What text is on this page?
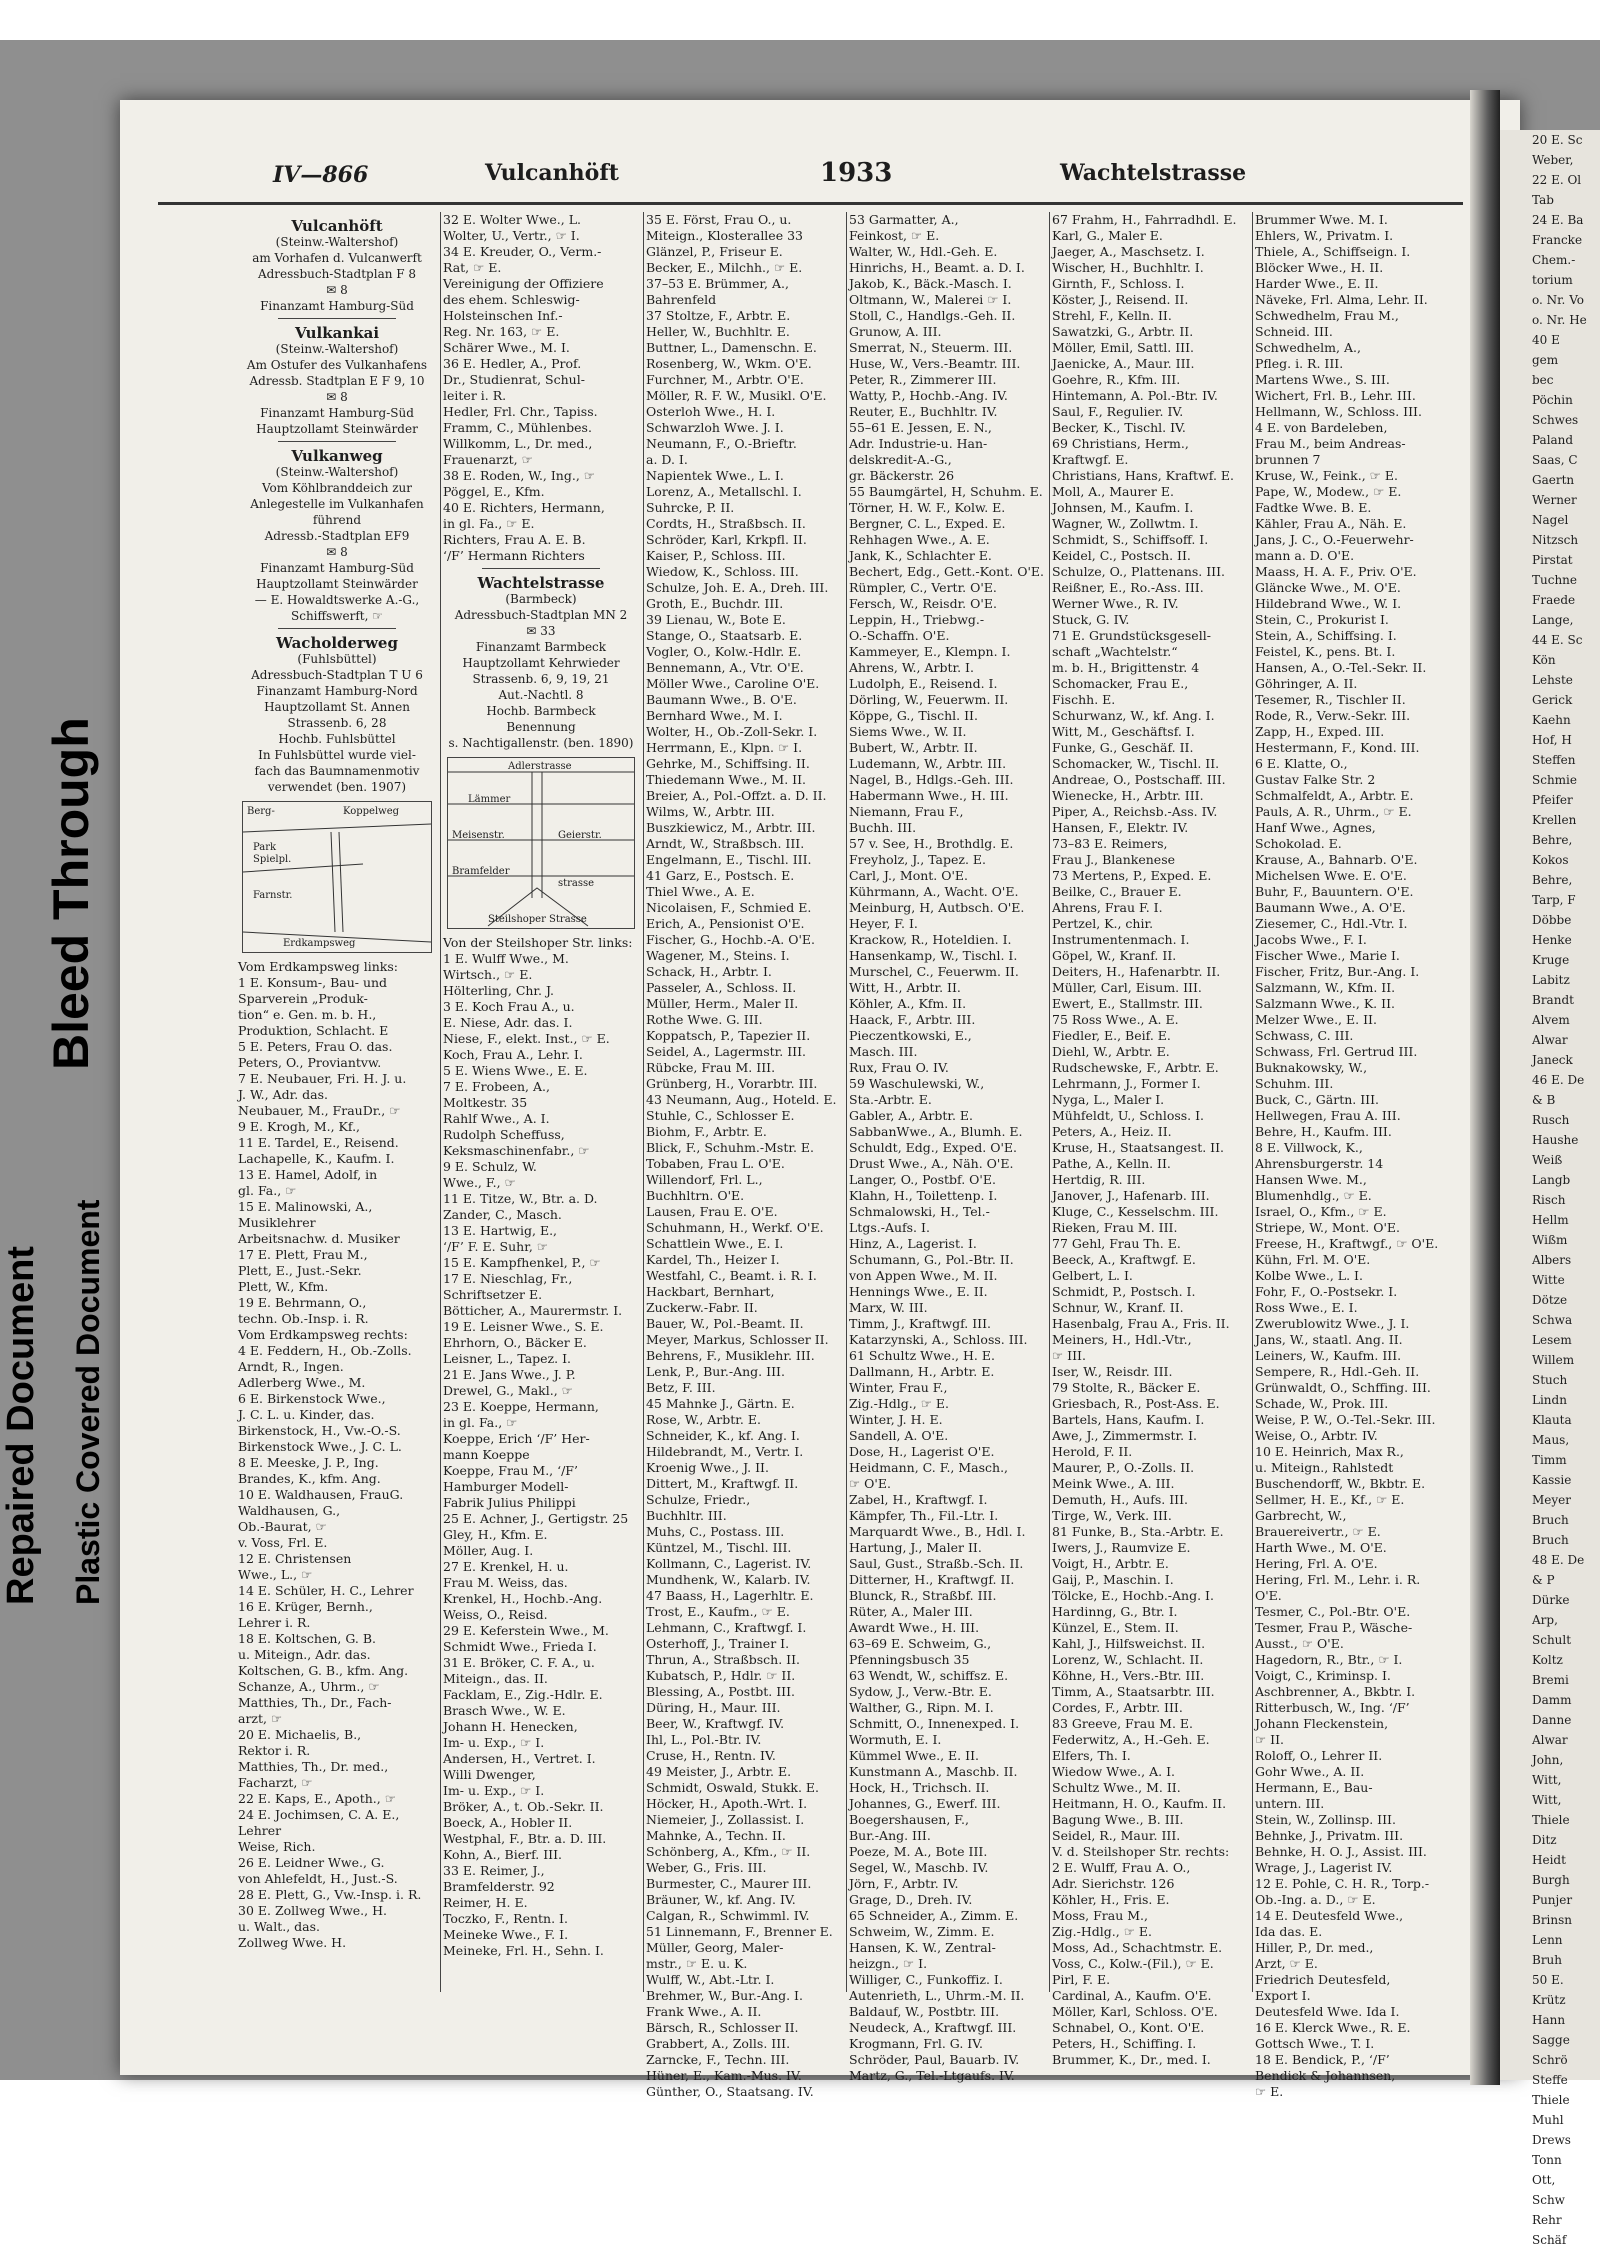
20 E. Sc
Weber,
22 E. Ol
Tab
24 E. Ba
Francke
Chem.-
torium
o. Nr. Vo
o. Nr. He
40 E
gem
bec
Pöchin
Schwes
Paland
Saas, C
Gaertn
Werner
Nagel
Nitzsch
Pirstat
Tuchne
Fraede
Lange,
44 E. Sc
Kön
Lehste
Gerick
Kaehn
Hof, H
Steffen
Schmie
Pfeifer
Krellen
Behre,
Kokos
Behre,
Tarp, F
Döbbe
Henke
Kruge
Labitz
Brandt
Alvem
Alwar
Janeck
46 E. De
& B
Rusch
Haushe
Weiß
Langb
Risch
Hellm
Wißm
Albers
Witte
Dötze
Schwa
Lesem
Willem
Stuch
Lindn
Klauta
Maus,
Timm
Kassie
Meyer
Bruch
Bruch
48 E. De
& P
Dürke
Arp,
Schult
Koltz
Bremi
Damm
Danne
Alwar
John,
Witt,
Witt,
Thiele
Ditz
Heidt
Burgh
Punjer
Brinsn
Lenn
Bruh
50 E.
Krütz
Hann
Sagge
Schrö
Steffe
Thiele
Muhl
Drews
Tonn
Ott,
Schw
Rehr
Schäf
Bleed Through
Repaired Document Plastic Covered Document
IV—866	Vulcanhöft	1933	Wachtelstrasse
Vulcanhöft
(Steinw.-Waltershof)
am Vorhafen d. Vulcanwerft
Adressbuch-Stadtplan F 8
✉ 8
Finanzamt Hamburg-Süd
Vulkankai
(Steinw.-Waltershof)
Am Ostufer des Vulkanhafens
Adressb. Stadtplan E F 9, 10
✉ 8
Finanzamt Hamburg-Süd
Hauptzollamt Steinwärder
Vulkanweg
(Steinw.-Waltershof)
Vom Köhlbranddeich zur
Anlegestelle im Vulkanhafen
führend
Adressb.-Stadtplan EF9
✉ 8
Finanzamt Hamburg-Süd
Hauptzollamt Steinwärder
— E. Howaldtswerke A.-G.,
Schiffswerft, ☞
Wacholderweg
(Fuhlsbüttel)
Adressbuch-Stadtplan T U 6
Finanzamt Hamburg-Nord
Hauptzollamt St. Annen
Strassenb. 6, 28
Hochb. Fuhlsbüttel
In Fuhlsbüttel wurde viel-
fach das Baumnamenmotiv
verwendet (ben. 1907)
Berg-	Koppelweg
Park
Spielpl.
Farnstr.
Erdkampsweg
Vom Erdkampsweg links:
1 E. Konsum-, Bau- und
Sparverein „Produk-
tion“ e. Gen. m. b. H.,
Produktion, Schlacht. E
5 E. Peters, Frau O. das.
Peters, O., Proviantvw.
7 E. Neubauer, Fri. H. J. u.
J. W., Adr. das.
Neubauer, M., FrauDr., ☞
9 E. Krogh, M., Kf.,
11 E. Tardel, E., Reisend.
Lachapelle, K., Kaufm. I.
13 E. Hamel, Adolf, in
gl. Fa., ☞
15 E. Malinowski, A.,
Musiklehrer
Arbeitsnachw. d. Musiker
17 E. Plett, Frau M.,
Plett, E., Just.-Sekr.
Plett, W., Kfm.
19 E. Behrmann, O.,
techn. Ob.-Insp. i. R.
Vom Erdkampsweg rechts:
4 E. Feddern, H., Ob.-Zolls.
Arndt, R., Ingen.
Adlerberg Wwe., M.
6 E. Birkenstock Wwe.,
J. C. L. u. Kinder, das.
Birkenstock, H., Vw.-O.-S.
Birkenstock Wwe., J. C. L.
8 E. Meeske, J. P., Ing.
Brandes, K., kfm. Ang.
10 E. Waldhausen, FrauG.
Waldhausen, G.,
Ob.-Baurat, ☞
v. Voss, Frl. E.
12 E. Christensen
Wwe., L., ☞
14 E. Schüler, H. C., Lehrer
16 E. Krüger, Bernh.,
Lehrer i. R.
18 E. Koltschen, G. B.
u. Miteign., Adr. das.
Koltschen, G. B., kfm. Ang.
Schanze, A., Uhrm., ☞
Matthies, Th., Dr., Fach-
arzt, ☞
20 E. Michaelis, B.,
Rektor i. R.
Matthies, Th., Dr. med.,
Facharzt, ☞
22 E. Kaps, E., Apoth., ☞
24 E. Jochimsen, C. A. E.,
Lehrer
Weise, Rich.
26 E. Leidner Wwe., G.
von Ahlefeldt, H., Just.-S.
28 E. Plett, G., Vw.-Insp. i. R.
30 E. Zollweg Wwe., H.
u. Walt., das.
Zollweg Wwe. H.
32 E. Wolter Wwe., L.
Wolter, U., Vertr., ☞ I.
34 E. Kreuder, O., Verm.-
Rat, ☞ E.
Vereinigung der Offiziere
des ehem. Schleswig-
Holsteinschen Inf.-
Reg. Nr. 163, ☞ E.
Schärer Wwe., M. I.
36 E. Hedler, A., Prof.
Dr., Studienrat, Schul-
leiter i. R.
Hedler, Frl. Chr., Tapiss.
Framm, C., Mühlenbes.
Willkomm, L., Dr. med.,
Frauenarzt, ☞
38 E. Roden, W., Ing., ☞
Pöggel, E., Kfm.
40 E. Richters, Hermann,
in gl. Fa., ☞ E.
Richters, Frau A. E. B.
‘/F’ Hermann Richters
Wachtelstrasse
(Barmbeck)
Adressbuch-Stadtplan MN 2
✉ 33
Finanzamt Barmbeck
Hauptzollamt Kehrwieder
Strassenb. 6, 9, 19, 21
Aut.-Nachtl. 8
Hochb. Barmbeck
Benennung
s. Nachtigallenstr. (ben. 1890)
Adlerstrasse
Lämmer
Meisenstr.
Bramfelder
strasse
Geierstr.
Steilshoper Strasse
Von der Steilshoper Str. links:
1 E. Wulff Wwe., M.
Wirtsch., ☞ E.
Hölterling, Chr. J.
3 E. Koch Frau A., u.
E. Niese, Adr. das. I.
Niese, F., elekt. Inst., ☞ E.
Koch, Frau A., Lehr. I.
5 E. Wiens Wwe., E. E.
7 E. Frobeen, A.,
Moltkestr. 35
Rahlf Wwe., A. I.
Rudolph Scheffuss,
Keksmaschinenfabr., ☞
9 E. Schulz, W.
Wwe., F., ☞
11 E. Titze, W., Btr. a. D.
Zander, C., Masch.
13 E. Hartwig, E.,
‘/F’ F. E. Suhr, ☞
15 E. Kampfhenkel, P., ☞
17 E. Nieschlag, Fr.,
Schriftsetzer E.
Bötticher, A., Maurermstr. I.
19 E. Leisner Wwe., S. E.
Ehrhorn, O., Bäcker E.
Leisner, L., Tapez. I.
21 E. Jans Wwe., J. P.
Drewel, G., Makl., ☞
23 E. Koeppe, Hermann,
in gl. Fa., ☞
Koeppe, Erich ‘/F’ Her-
mann Koeppe
Koeppe, Frau M., ‘/F’
Hamburger Modell-
Fabrik Julius Philippi
25 E. Achner, J., Gertigstr. 25
Gley, H., Kfm. E.
Möller, Aug. I.
27 E. Krenkel, H. u.
Frau M. Weiss, das.
Krenkel, H., Hochb.-Ang.
Weiss, O., Reisd.
29 E. Keferstein Wwe., M.
Schmidt Wwe., Frieda I.
31 E. Bröker, C. F. A., u.
Miteign., das. II.
Facklam, E., Zig.-Hdlr. E.
Brasch Wwe., W. E.
Johann H. Henecken,
Im- u. Exp., ☞ I.
Andersen, H., Vertret. I.
Willi Dwenger,
Im- u. Exp., ☞ I.
Bröker, A., t. Ob.-Sekr. II.
Boeck, A., Hobler II.
Westphal, F., Btr. a. D. III.
Kohn, A., Bierf. III.
33 E. Reimer, J.,
Bramfelderstr. 92
Reimer, H. E.
Toczko, F., Rentn. I.
Meineke Wwe., F. I.
Meineke, Frl. H., Sehn. I.
35 E. Först, Frau O., u.
Miteign., Klosterallee 33
Glänzel, P., Friseur E.
Becker, E., Milchh., ☞ E.
37–53 E. Brümmer, A.,
Bahrenfeld
37 Stoltze, F., Arbtr. E.
Heller, W., Buchhltr. E.
Buttner, L., Damenschn. E.
Rosenberg, W., Wkm. O'E.
Furchner, M., Arbtr. O'E.
Möller, R. F. W., Musikl. O'E.
Osterloh Wwe., H. I.
Schwarzloh Wwe. J. I.
Neumann, F., O.-Brieftr.
a. D. I.
Napientek Wwe., L. I.
Lorenz, A., Metallschl. I.
Suhrcke, P. II.
Cordts, H., Straßbsch. II.
Schröder, Karl, Krkpfl. II.
Kaiser, P., Schloss. III.
Wiedow, K., Schloss. III.
Schulze, Joh. E. A., Dreh. III.
Groth, E., Buchdr. III.
39 Lienau, W., Bote E.
Stange, O., Staatsarb. E.
Vogler, O., Kolw.-Hdlr. E.
Bennemann, A., Vtr. O'E.
Möller Wwe., Caroline O'E.
Baumann Wwe., B. O'E.
Bernhard Wwe., M. I.
Wolter, H., Ob.-Zoll-Sekr. I.
Herrmann, E., Klpn. ☞ I.
Gehrke, M., Schiffsing. II.
Thiedemann Wwe., M. II.
Breier, A., Pol.-Offzt. a. D. II.
Wilms, W., Arbtr. III.
Buszkiewicz, M., Arbtr. III.
Arndt, W., Straßbsch. III.
Engelmann, E., Tischl. III.
41 Garz, E., Postsch. E.
Thiel Wwe., A. E.
Nicolaisen, F., Schmied E.
Erich, A., Pensionist O'E.
Fischer, G., Hochb.-A. O'E.
Wagener, M., Steins. I.
Schack, H., Arbtr. I.
Passeler, A., Schloss. II.
Müller, Herm., Maler II.
Rothe Wwe. G. III.
Koppatsch, P., Tapezier II.
Seidel, A., Lagermstr. III.
Rübcke, Frau M. III.
Grünberg, H., Vorarbtr. III.
43 Neumann, Aug., Hoteld. E.
Stuhle, C., Schlosser E.
Biohm, F., Arbtr. E.
Blick, F., Schuhm.-Mstr. E.
Tobaben, Frau L. O'E.
Willendorf, Frl. L.,
Buchhltrn. O'E.
Lausen, Frau E. O'E.
Schuhmann, H., Werkf. O'E.
Schattlein Wwe., E. I.
Kardel, Th., Heizer I.
Westfahl, C., Beamt. i. R. I.
Hackbart, Bernhart,
Zuckerw.-Fabr. II.
Bauer, W., Pol.-Beamt. II.
Meyer, Markus, Schlosser II.
Behrens, F., Musiklehr. III.
Lenk, P., Bur.-Ang. III.
Betz, F. III.
45 Mahnke J., Gärtn. E.
Rose, W., Arbtr. E.
Schneider, K., kf. Ang. I.
Hildebrandt, M., Vertr. I.
Kroenig Wwe., J. II.
Dittert, M., Kraftwgf. II.
Schulze, Friedr.,
Buchhltr. III.
Muhs, C., Postass. III.
Küntzel, M., Tischl. III.
Kollmann, C., Lagerist. IV.
Mundhenk, W., Kalarb. IV.
47 Baass, H., Lagerhltr. E.
Trost, E., Kaufm., ☞ E.
Lehmann, C., Kraftwgf. I.
Osterhoff, J., Trainer I.
Thrun, A., Straßbsch. II.
Kubatsch, P., Hdlr. ☞ II.
Blessing, A., Postbt. III.
Düring, H., Maur. III.
Beer, W., Kraftwgf. IV.
Ihl, L., Pol.-Btr. IV.
Cruse, H., Rentn. IV.
49 Meister, J., Arbtr. E.
Schmidt, Oswald, Stukk. E.
Höcker, H., Apoth.-Wrt. I.
Niemeier, J., Zollassist. I.
Mahnke, A., Techn. II.
Schönberg, A., Kfm., ☞ II.
Weber, G., Fris. III.
Burmester, C., Maurer III.
Bräuner, W., kf. Ang. IV.
Calgan, R., Schwimml. IV.
51 Linnemann, F., Brenner E.
Müller, Georg, Maler-
mstr., ☞ E. u. K.
Wulff, W., Abt.-Ltr. I.
Brehmer, W., Bur.-Ang. I.
Frank Wwe., A. II.
Bärsch, R., Schlosser II.
Grabbert, A., Zolls. III.
Zarncke, F., Techn. III.
Hüner, E., Kam.-Mus. IV.
Günther, O., Staatsang. IV.
53 Garmatter, A.,
Feinkost, ☞ E.
Walter, W., Hdl.-Geh. E.
Hinrichs, H., Beamt. a. D. I.
Jakob, K., Bäck.-Masch. I.
Oltmann, W., Malerei ☞ I.
Stoll, C., Handlgs.-Geh. II.
Grunow, A. III.
Smerrat, N., Steuerm. III.
Huse, W., Vers.-Beamtr. III.
Peter, R., Zimmerer III.
Watty, P., Hochb.-Ang. IV.
Reuter, E., Buchhltr. IV.
55–61 E. Jessen, E. N.,
Adr. Industrie-u. Han-
delskredit-A.-G.,
gr. Bäckerstr. 26
55 Baumgärtel, H, Schuhm. E.
Törner, H. W. F., Kolw. E.
Bergner, C. L., Exped. E.
Rehhagen Wwe., A. E.
Jank, K., Schlachter E.
Bechert, Edg., Gett.-Kont. O'E.
Rümpler, C., Vertr. O'E.
Fersch, W., Reisdr. O'E.
Leppin, H., Triebwg.-
O.-Schaffn. O'E.
Kammeyer, E., Klempn. I.
Ahrens, W., Arbtr. I.
Ludolph, E., Reisend. I.
Dörling, W., Feuerwm. II.
Köppe, G., Tischl. II.
Siems Wwe., W. II.
Bubert, W., Arbtr. II.
Ludemann, W., Arbtr. III.
Nagel, B., Hdlgs.-Geh. III.
Habermann Wwe., H. III.
Niemann, Frau F.,
Buchh. III.
57 v. See, H., Brothdlg. E.
Freyholz, J., Tapez. E.
Carl, J., Mont. O'E.
Kührmann, A., Wacht. O'E.
Meinburg, H, Autbsch. O'E.
Heyer, F. I.
Krackow, R., Hoteldien. I.
Hansenkamp, W., Tischl. I.
Murschel, C., Feuerwm. II.
Witt, H., Arbtr. II.
Köhler, A., Kfm. II.
Haack, F., Arbtr. III.
Pieczentkowski, E.,
Masch. III.
Rux, Frau O. IV.
59 Waschulewski, W.,
Sta.-Arbtr. E.
Gabler, A., Arbtr. E.
SabbanWwe., A., Blumh. E.
Schuldt, Edg., Exped. O'E.
Drust Wwe., A., Näh. O'E.
Langer, O., Postbf. O'E.
Klahn, H., Toilettenp. I.
Schmalowski, H., Tel.-
Ltgs.-Aufs. I.
Hinz, A., Lagerist. I.
Schumann, G., Pol.-Btr. II.
von Appen Wwe., M. II.
Hennings Wwe., E. II.
Marx, W. III.
Timm, J., Kraftwgf. III.
Katarzynski, A., Schloss. III.
61 Schultz Wwe., H. E.
Dallmann, H., Arbtr. E.
Winter, Frau F.,
Zig.-Hdlg., ☞ E.
Winter, J. H. E.
Sandell, A. O'E.
Dose, H., Lagerist O'E.
Heidmann, C. F., Masch.,
☞ O'E.
Zabel, H., Kraftwgf. I.
Kämpfer, Th., Fil.-Ltr. I.
Marquardt Wwe., B., Hdl. I.
Hartung, J., Maler II.
Saul, Gust., Straßb.-Sch. II.
Ditterner, H., Kraftwgf. II.
Blunck, R., Straßbf. III.
Rüter, A., Maler III.
Awardt Wwe., H. III.
63–69 E. Schweim, G.,
Pfenningsbusch 35
63 Wendt, W., schiffsz. E.
Sydow, J., Verw.-Btr. E.
Walther, G., Ripn. M. I.
Schmitt, O., Innenexped. I.
Wormuth, E. I.
Kümmel Wwe., E. II.
Kunstmann A., Maschb. II.
Hock, H., Trichsch. II.
Johannes, G., Ewerf. III.
Boegershausen, F.,
Bur.-Ang. III.
Poeze, M. A., Bote III.
Segel, W., Maschb. IV.
Jörn, F., Arbtr. IV.
Grage, D., Dreh. IV.
65 Schneider, A., Zimm. E.
Schweim, W., Zimm. E.
Hansen, K. W., Zentral-
heizgn., ☞ I.
Williger, C., Funkoffiz. I.
Autenrieth, L., Uhrm.-M. II.
Baldauf, W., Postbtr. III.
Neudeck, A., Kraftwgf. III.
Krogmann, Frl. G. IV.
Schröder, Paul, Bauarb. IV.
Martz, G., Tel.-Ltgaufs. IV.
67 Frahm, H., Fahrradhdl. E.
Karl, G., Maler E.
Jaeger, A., Maschsetz. I.
Wischer, H., Buchhltr. I.
Girnth, F., Schloss. I.
Köster, J., Reisend. II.
Strehl, F., Kelln. II.
Sawatzki, G., Arbtr. II.
Möller, Emil, Sattl. III.
Jaenicke, A., Maur. III.
Goehre, R., Kfm. III.
Hintemann, A. Pol.-Btr. IV.
Saul, F., Regulier. IV.
Becker, K., Tischl. IV.
69 Christians, Herm.,
Kraftwgf. E.
Christians, Hans, Kraftwf. E.
Moll, A., Maurer E.
Johnsen, M., Kaufm. I.
Wagner, W., Zollwtm. I.
Schmidt, S., Schiffsoff. I.
Keidel, C., Postsch. II.
Schulze, O., Plattenans. III.
Reißner, E., Ro.-Ass. III.
Werner Wwe., R. IV.
Stuck, G. IV.
71 E. Grundstücksgesell-
schaft „Wachtelstr.“
m. b. H., Brigittenstr. 4
Schomacker, Frau E.,
Fischh. E.
Schurwanz, W., kf. Ang. I.
Witt, M., Geschäftsf. I.
Funke, G., Geschäf. II.
Schomacker, W., Tischl. II.
Andreae, O., Postschaff. III.
Wienecke, H., Arbtr. III.
Piper, A., Reichsb.-Ass. IV.
Hansen, F., Elektr. IV.
73–83 E. Reimers,
Frau J., Blankenese
73 Mertens, P., Exped. E.
Beilke, C., Brauer E.
Ahrens, Frau F. I.
Pertzel, K., chir.
Instrumentenmach. I.
Göpel, W., Kranf. II.
Deiters, H., Hafenarbtr. II.
Müller, Carl, Eisum. III.
Ewert, E., Stallmstr. III.
75 Ross Wwe., A. E.
Fiedler, E., Beif. E.
Diehl, W., Arbtr. E.
Rudschewske, F., Arbtr. E.
Lehrmann, J., Former I.
Nyga, L., Maler I.
Mühfeldt, U., Schloss. I.
Peters, A., Heiz. II.
Kruse, H., Staatsangest. II.
Pathe, A., Kelln. II.
Hertdig, R. III.
Janover, J., Hafenarb. III.
Kluge, C., Kesselschm. III.
Rieken, Frau M. III.
77 Gehl, Frau Th. E.
Beeck, A., Kraftwgf. E.
Gelbert, L. I.
Schmidt, P., Postsch. I.
Schnur, W., Kranf. II.
Hasenbalg, Frau A., Fris. II.
Meiners, H., Hdl.-Vtr.,
☞ III.
Iser, W., Reisdr. III.
79 Stolte, R., Bäcker E.
Griesbach, R., Post-Ass. E.
Bartels, Hans, Kaufm. I.
Awe, J., Zimmermstr. I.
Herold, F. II.
Maurer, P., O.-Zolls. II.
Meink Wwe., A. III.
Demuth, H., Aufs. III.
Tirge, W., Verk. III.
81 Funke, B., Sta.-Arbtr. E.
Iwers, J., Raumvize E.
Voigt, H., Arbtr. E.
Gaij, P., Maschin. I.
Tölcke, E., Hochb.-Ang. I.
Hardinng, G., Btr. I.
Künzel, E., Stem. II.
Kahl, J., Hilfsweichst. II.
Lorenz, W., Schlacht. II.
Köhne, H., Vers.-Btr. III.
Timm, A., Staatsarbtr. III.
Cordes, F., Arbtr. III.
83 Greeve, Frau M. E.
Federwitz, A., H.-Geh. E.
Elfers, Th. I.
Wiedow Wwe., A. I.
Schultz Wwe., M. II.
Heitmann, H. O., Kaufm. II.
Bagung Wwe., B. III.
Seidel, R., Maur. III.
V. d. Steilshoper Str. rechts:
2 E. Wulff, Frau A. O.,
Adr. Sierichstr. 126
Köhler, H., Fris. E.
Moss, Frau M.,
Zig.-Hdlg., ☞ E.
Moss, Ad., Schachtmstr. E.
Voss, C., Kolw.-(Fil.), ☞ E.
Pirl, F. E.
Cardinal, A., Kaufm. O'E.
Möller, Karl, Schloss. O'E.
Schnabel, O., Kont. O'E.
Peters, H., Schiffing. I.
Brummer, K., Dr., med. I.
Brummer Wwe. M. I.
Ehlers, W., Privatm. I.
Thiele, A., Schiffseign. I.
Blöcker Wwe., H. II.
Harder Wwe., E. II.
Näveke, Frl. Alma, Lehr. II.
Schwedhelm, Frau M.,
Schneid. III.
Schwedhelm, A.,
Pfleg. i. R. III.
Martens Wwe., S. III.
Wichert, Frl. B., Lehr. III.
Hellmann, W., Schloss. III.
4 E. von Bardeleben,
Frau M., beim Andreas-
brunnen 7
Kruse, W., Feink., ☞ E.
Pape, W., Modew., ☞ E.
Fadtke Wwe. B. E.
Kähler, Frau A., Näh. E.
Jans, J. C., O.-Feuerwehr-
mann a. D. O'E.
Maass, H. A. F., Priv. O'E.
Gläncke Wwe., M. O'E.
Hildebrand Wwe., W. I.
Stein, C., Prokurist I.
Stein, A., Schiffsing. I.
Feistel, K., pens. Bt. I.
Hansen, A., O.-Tel.-Sekr. II.
Göhringer, A. II.
Tesemer, R., Tischler II.
Rode, R., Verw.-Sekr. III.
Zapp, H., Exped. III.
Hestermann, F., Kond. III.
6 E. Klatte, O.,
Gustav Falke Str. 2
Schmalfeldt, A., Arbtr. E.
Pauls, A. R., Uhrm., ☞ E.
Hanf Wwe., Agnes,
Schokolad. E.
Krause, A., Bahnarb. O'E.
Michelsen Wwe. E. O'E.
Buhr, F., Bauuntern. O'E.
Baumann Wwe., A. O'E.
Ziesemer, C., Hdl.-Vtr. I.
Jacobs Wwe., F. I.
Fischer Wwe., Marie I.
Fischer, Fritz, Bur.-Ang. I.
Salzmann, W., Kfm. II.
Salzmann Wwe., K. II.
Melzer Wwe., E. II.
Schwass, C. III.
Schwass, Frl. Gertrud III.
Buknakowsky, W.,
Schuhm. III.
Buck, C., Gärtn. III.
Hellwegen, Frau A. III.
Behre, H., Kaufm. III.
8 E. Villwock, K.,
Ahrensburgerstr. 14
Hansen Wwe. M.,
Blumenhdlg., ☞ E.
Israel, O., Kfm., ☞ E.
Striepe, W., Mont. O'E.
Freese, H., Kraftwgf., ☞ O'E.
Kühn, Frl. M. O'E.
Kolbe Wwe., L. I.
Fohr, F., O.-Postsekr. I.
Ross Wwe., E. I.
Zwerublowitz Wwe., J. I.
Jans, W., staatl. Ang. II.
Leiners, W., Kaufm. III.
Sempere, R., Hdl.-Geh. II.
Grünwaldt, O., Schffing. III.
Schade, W., Prok. III.
Weise, P. W., O.-Tel.-Sekr. III.
Weise, O., Arbtr. IV.
10 E. Heinrich, Max R.,
u. Miteign., Rahlstedt
Buschendorff, W., Bkbtr. E.
Sellmer, H. E., Kf., ☞ E.
Garbrecht, W.,
Brauereivertr., ☞ E.
Harth Wwe., M. O'E.
Hering, Frl. A. O'E.
Hering, Frl. M., Lehr. i. R.
O'E.
Tesmer, C., Pol.-Btr. O'E.
Tesmer, Frau P., Wäsche-
Ausst., ☞ O'E.
Hagedorn, R., Btr., ☞ I.
Voigt, C., Kriminsp. I.
Aschbrenner, A., Bkbtr. I.
Ritterbusch, W., Ing. ‘/F’
Johann Fleckenstein,
☞ II.
Roloff, O., Lehrer II.
Gohr Wwe., A. II.
Hermann, E., Bau-
untern. III.
Stein, W., Zollinsp. III.
Behnke, J., Privatm. III.
Behnke, H. O. J., Assist. III.
Wrage, J., Lagerist IV.
12 E. Pohle, C. H. R., Torp.-
Ob.-Ing. a. D., ☞ E.
14 E. Deutesfeld Wwe.,
Ida das. E.
Hiller, P., Dr. med.,
Arzt, ☞ E.
Friedrich Deutesfeld,
Export I.
Deutesfeld Wwe. Ida I.
16 E. Klerck Wwe., R. E.
Gottsch Wwe., T. I.
18 E. Bendick, P., ‘/F’
Bendick & Johannsen,
☞ E.
